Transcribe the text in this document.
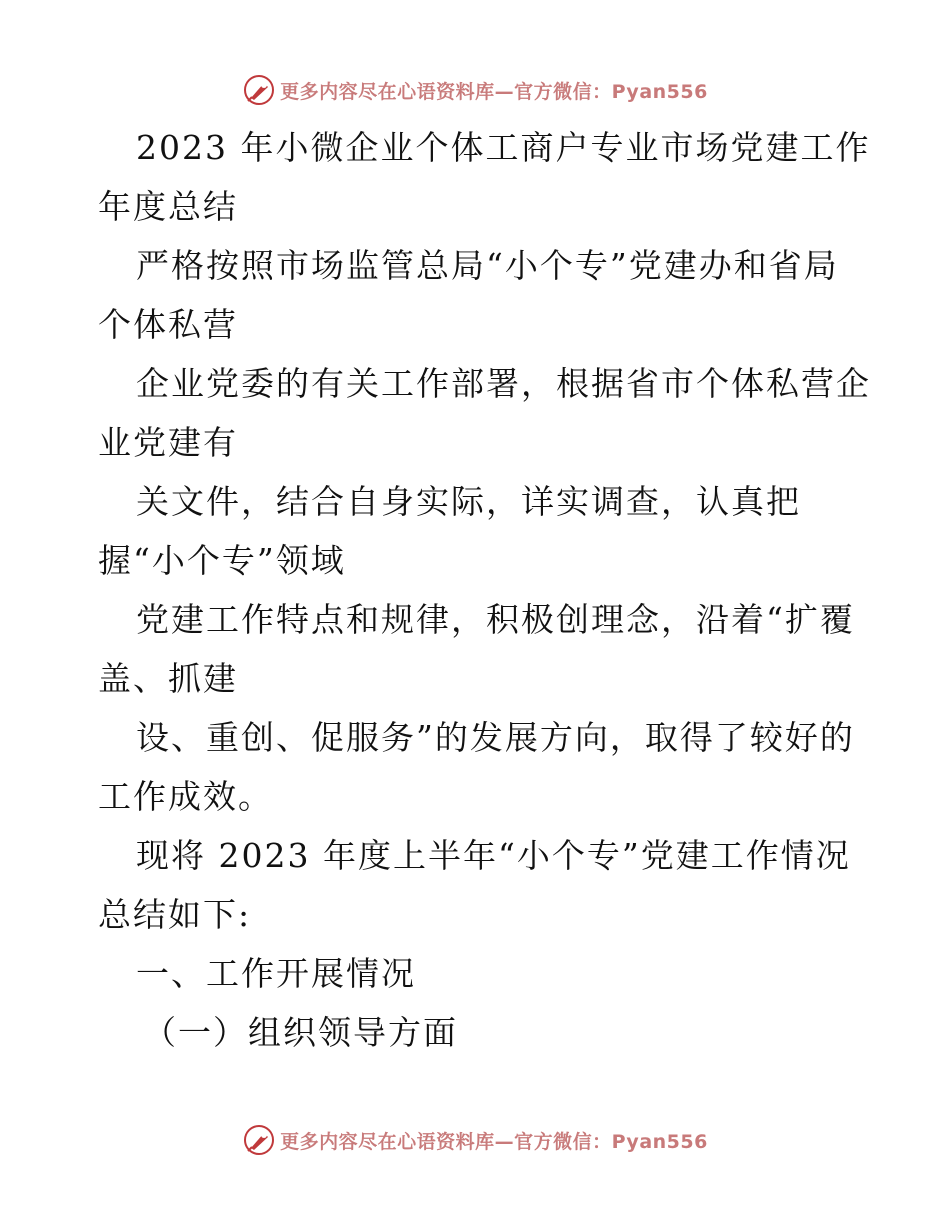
更多内容尽在心语资料库—官方微信：Pyan556
2023 年小微企业个体工商户专业市场党建工作
年度总结
严格按照市场监管总局“小个专”党建办和省局
个体私营
企业党委的有关工作部署，根据省市个体私营企
业党建有
关文件，结合自身实际，详实调查，认真把
握“小个专”领域
党建工作特点和规律，积极创理念，沿着“扩覆
盖、抓建
设、重创、促服务”的发展方向，取得了较好的
工作成效。
现将 2023 年度上半年“小个专”党建工作情况
总结如下:
一、工作开展情况
（一）组织领导方面
更多内容尽在心语资料库—官方微信：Pyan556
